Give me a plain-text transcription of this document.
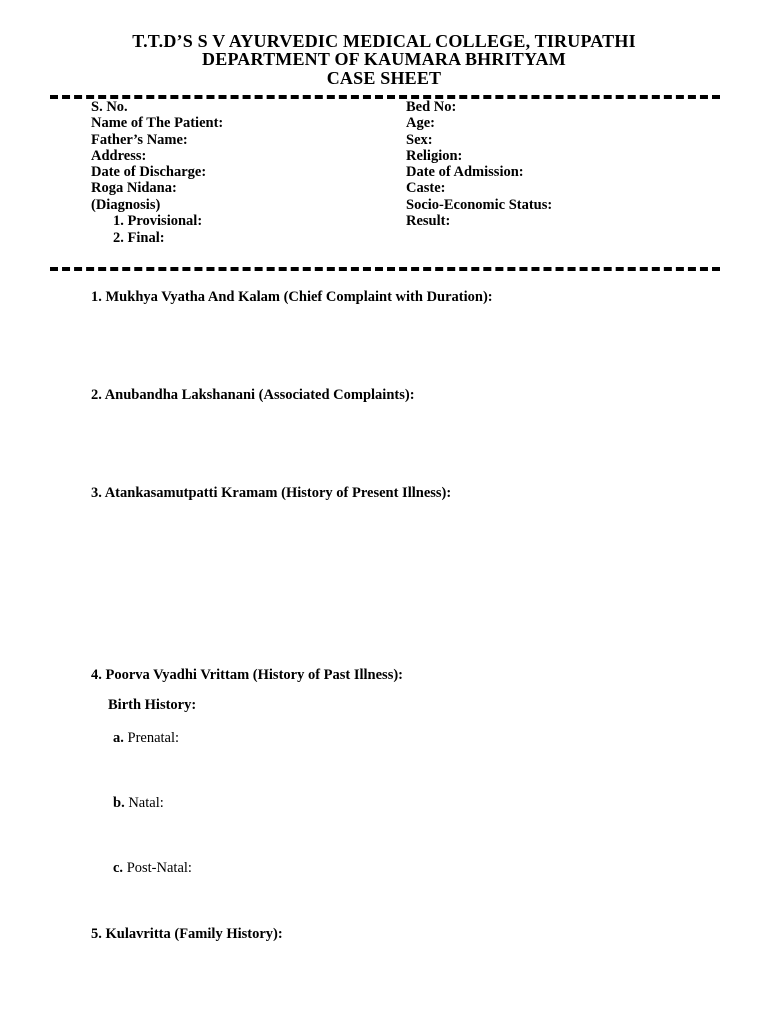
T.T.D’S S V AYURVEDIC MEDICAL COLLEGE, TIRUPATHI
DEPARTMENT OF KAUMARA BHRITYAM
CASE SHEET
S. No.
Name of The Patient:
Father’s Name:
Address:
Date of Discharge:
Roga Nidana:
(Diagnosis)
1. Provisional:
2. Final:
Bed No:
Age:
Sex:
Religion:
Date of Admission:
Caste:
Socio-Economic Status:
Result:
1. Mukhya Vyatha And Kalam (Chief Complaint with Duration):
2. Anubandha Lakshanani (Associated Complaints):
3. Atankasamutpatti Kramam (History of Present Illness):
4. Poorva Vyadhi Vrittam (History of Past Illness):
Birth History:
a. Prenatal:
b. Natal:
c. Post-Natal:
5. Kulavritta (Family History):
